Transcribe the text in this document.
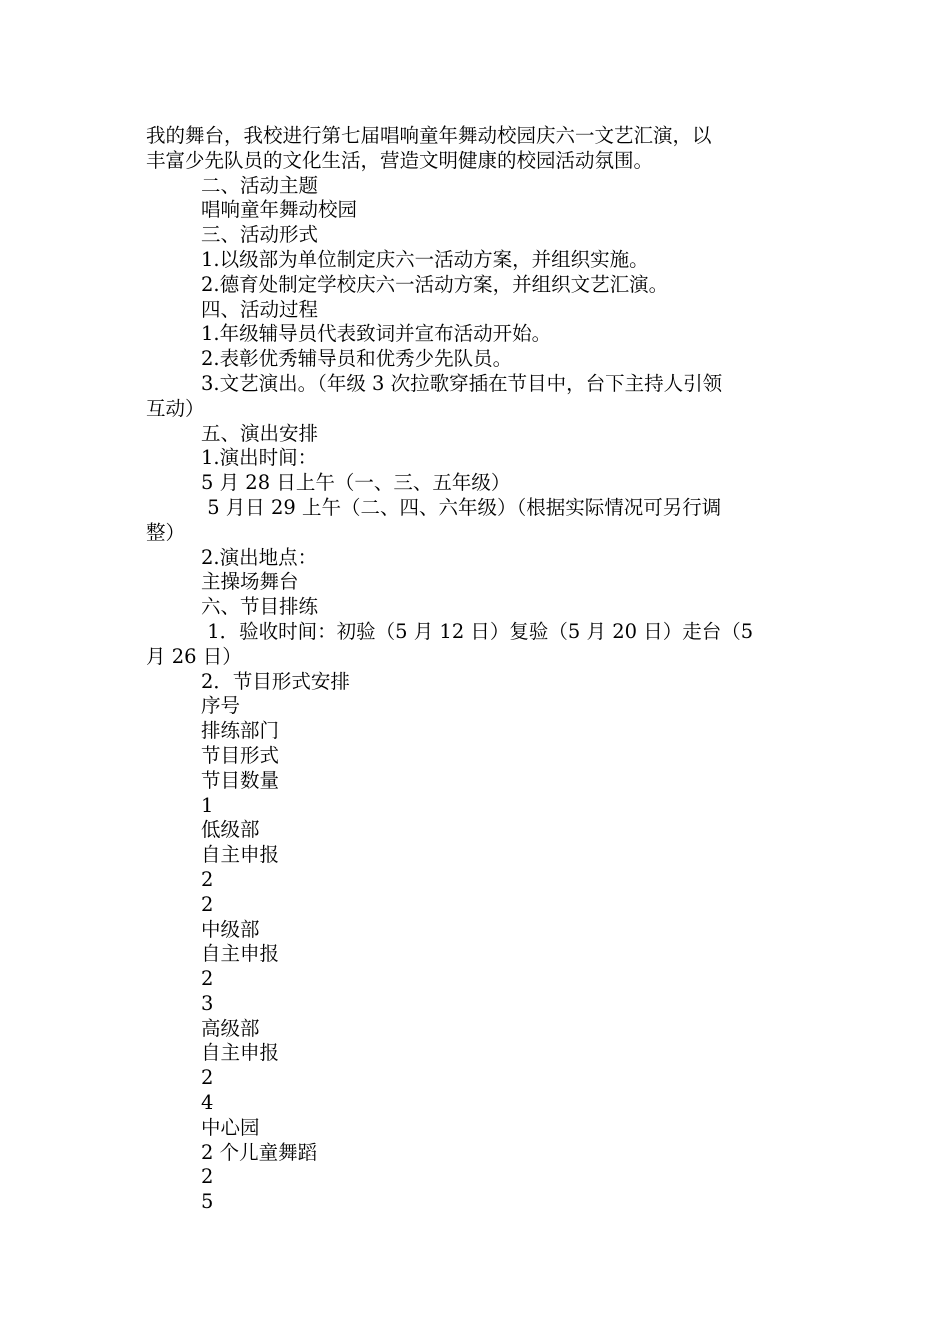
我的舞台，我校进行第七届唱响童年舞动校园庆六一文艺汇演，以
丰富少先队员的文化生活，营造文明健康的校园活动氛围。
二、活动主题
唱响童年舞动校园
三、活动形式
1.以级部为单位制定庆六一活动方案，并组织实施。
2.德育处制定学校庆六一活动方案，并组织文艺汇演。
四、活动过程
1.年级辅导员代表致词并宣布活动开始。
2.表彰优秀辅导员和优秀少先队员。
3.文艺演出。（年级 3 次拉歌穿插在节目中，台下主持人引领
互动）
五、演出安排
1.演出时间：
5 月 28 日上午（一、三、五年级）
5 月日 29 上午（二、四、六年级）（根据实际情况可另行调
整）
2.演出地点：
主操场舞台
六、节目排练
1．验收时间：初验（5 月 12 日）复验（5 月 20 日）走台（5
月 26 日）
2．节目形式安排
序号
排练部门
节目形式
节目数量
1
低级部
自主申报
2
2
中级部
自主申报
2
3
高级部
自主申报
2
4
中心园
2 个儿童舞蹈
2
5
